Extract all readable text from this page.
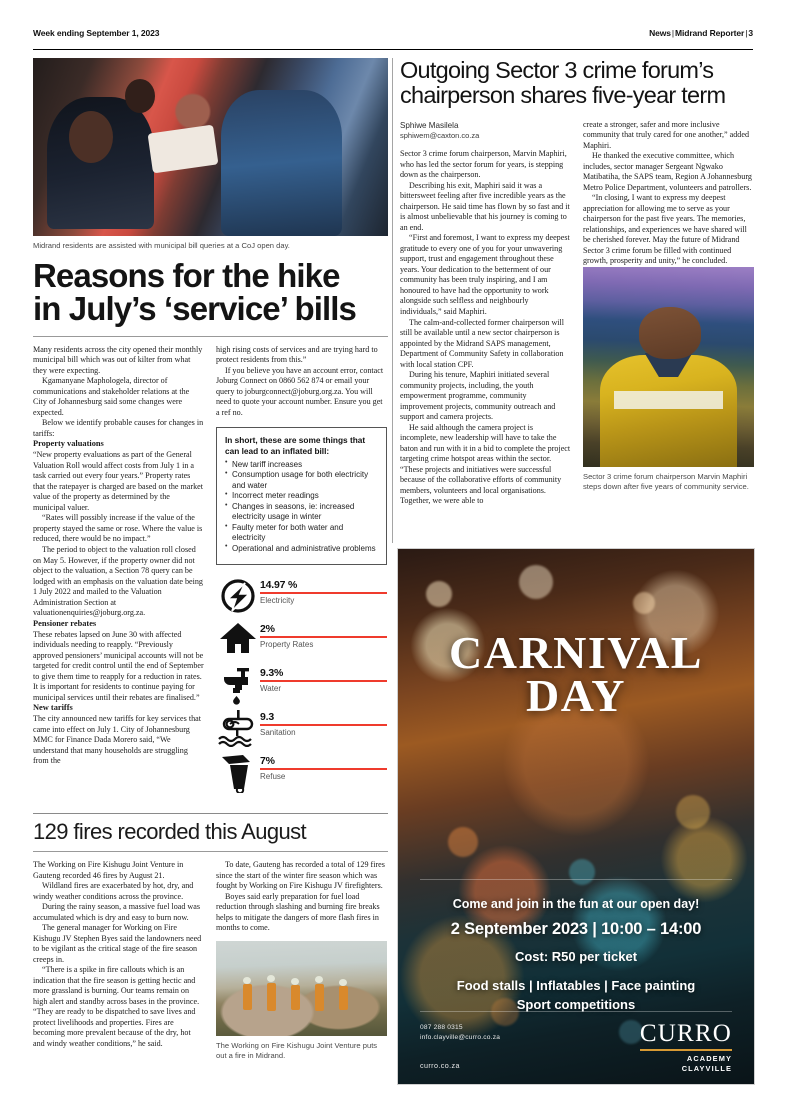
Week ending September 1, 2023	News|Midrand Reporter|3
Midrand residents are assisted with municipal bill queries at a CoJ open day.
Reasons for the hike
in July’s ‘service’ bills

Many residents across the city opened their monthly municipal bill which was out of kilter from what they were expecting.

Kgamanyane Maphologela, director of communications and stakeholder relations at the City of Johannesburg said some changes were expected.

Below we identify probable causes for changes in tariffs:

Property valuations

“New property evaluations as part of the General Valuation Roll would affect costs from July 1 in a task carried out every four years.” Property rates that the ratepayer is charged are based on the market value of the property as determined by the municipal valuer.

“Rates will possibly increase if the value of the property stayed the same or rose. Where the value is reduced, there would be no impact.”

The period to object to the valuation roll closed on May 5. However, if the property owner did not object to the valuation, a Section 78 query can be lodged with an emphasis on the valuation date being 1 July 2022 and mailed to the Valuation Administration Section at valuationenquiries@joburg.org.za.

Pensioner rebates

These rebates lapsed on June 30 with affected individuals needing to reapply. “Previously approved pensioners’ municipal accounts will not be targeted for credit control until the end of September to give them time to reapply for a reduction in rates. It is important for residents to continue paying for municipal services until their rebates are finalised.”

New tariffs

The city announced new tariffs for key services that came into effect on July 1. City of Johannesburg MMC for Finance Dada Morero said, “We understand that many households are struggling from the

high rising costs of services and are trying hard to protect residents from this.”

If you believe you have an account error, contact Joburg Connect on 0860 562 874 or email your query to joburgconnect@joburg.org.za. You will need to quote your account number. Ensure you get a ref no.

In short, these are some things that can lead to an inflated bill:
• New tariff increases
• Consumption usage for both electricity and water
• Incorrect meter readings
• Changes in seasons, ie: increased electricity usage in winter
• Faulty meter for both water and electricity
• Operational and administrative problems
14.97 %
Electricity
2%
Property Rates
9.3%
Water
9.3
Sanitation
7%
Refuse
129 fires recorded this August

The Working on Fire Kishugu Joint Venture in Gauteng recorded 46 fires by August 21.

Wildland fires are exacerbated by hot, dry, and windy weather conditions across the province.

During the rainy season, a massive fuel load was accumulated which is dry and easy to burn now.

The general manager for Working on Fire Kishugu JV Stephen Byes said the landowners need to be vigilant as the critical stage of the fire season creeps in.

“There is a spike in fire callouts which is an indication that the fire season is getting hectic and more grassland is burning. Our teams remain on high alert and standby across bases in the province. “They are ready to be dispatched to save lives and protect livelihoods and properties. Fires are becoming more prevalent because of the dry, hot and windy weather conditions,” he said.

To date, Gauteng has recorded a total of 129 fires since the start of the winter fire season which was fought by Working on Fire Kishugu JV firefighters.

Boyes said early preparation for fuel load reduction through slashing and burning fire breaks helps to mitigate the dangers of more flash fires in months to come.

The Working on Fire Kishugu Joint Venture puts out a fire in Midrand.
Outgoing Sector 3 crime forum’s
chairperson shares five-year term
Sphiwe Masilela
sphiwem@caxton.co.za

Sector 3 crime forum chairperson, Marvin Maphiri, who has led the sector forum for years, is stepping down as the chairperson.

Describing his exit, Maphiri said it was a bittersweet feeling after five incredible years as the chairperson. He said time has flown by so fast and it is almost unbelievable that his journey is coming to an end.

“First and foremost, I want to express my deepest gratitude to every one of you for your unwavering support, trust and engagement throughout these years. Your dedication to the betterment of our community has been truly inspiring, and I am honoured to have had the opportunity to work alongside such selfless and neighbourly individuals,” said Maphiri.

The calm-and-collected former chairperson will still be available until a new sector chairperson is appointed by the Midrand SAPS management, Department of Community Safety in collaboration with local station CPF.

During his tenure, Maphiri initiated several community projects, including, the youth empowerment programme, community improvement projects, community outreach and support and camera projects.

He said although the camera project is incomplete, new leadership will have to take the baton and run with it in a bid to complete the project targeting crime hotspot areas within the sector. “These projects and initiatives were successful because of the collaborative efforts of community members, volunteers and local organisations. Together, we were able to

create a stronger, safer and more inclusive community that truly cared for one another,” added Maphiri.

He thanked the executive committee, which includes, sector manager Sergeant Ngwako Matibatiha, the SAPS team, Region A Johannesburg Metro Police Department, volunteers and patrollers.

“In closing, I want to express my deepest appreciation for allowing me to serve as your chairperson for the past five years. The memories, relationships, and experiences we have shared will be cherished forever. May the future of Midrand Sector 3 crime forum be filled with continued growth, prosperity and unity,” he concluded.

Sector 3 crime forum chairperson Marvin Maphiri steps down after five years of community service.
CARNIVAL
DAY
Come and join in the fun at our open day!
2 September 2023 | 10:00 – 14:00
Cost: R50 per ticket
Food stalls | Inflatables | Face painting
Sport competitions
087 288 0315
info.clayville@curro.co.za
curro.co.za
CURRO
ACADEMY
CLAYVILLE
